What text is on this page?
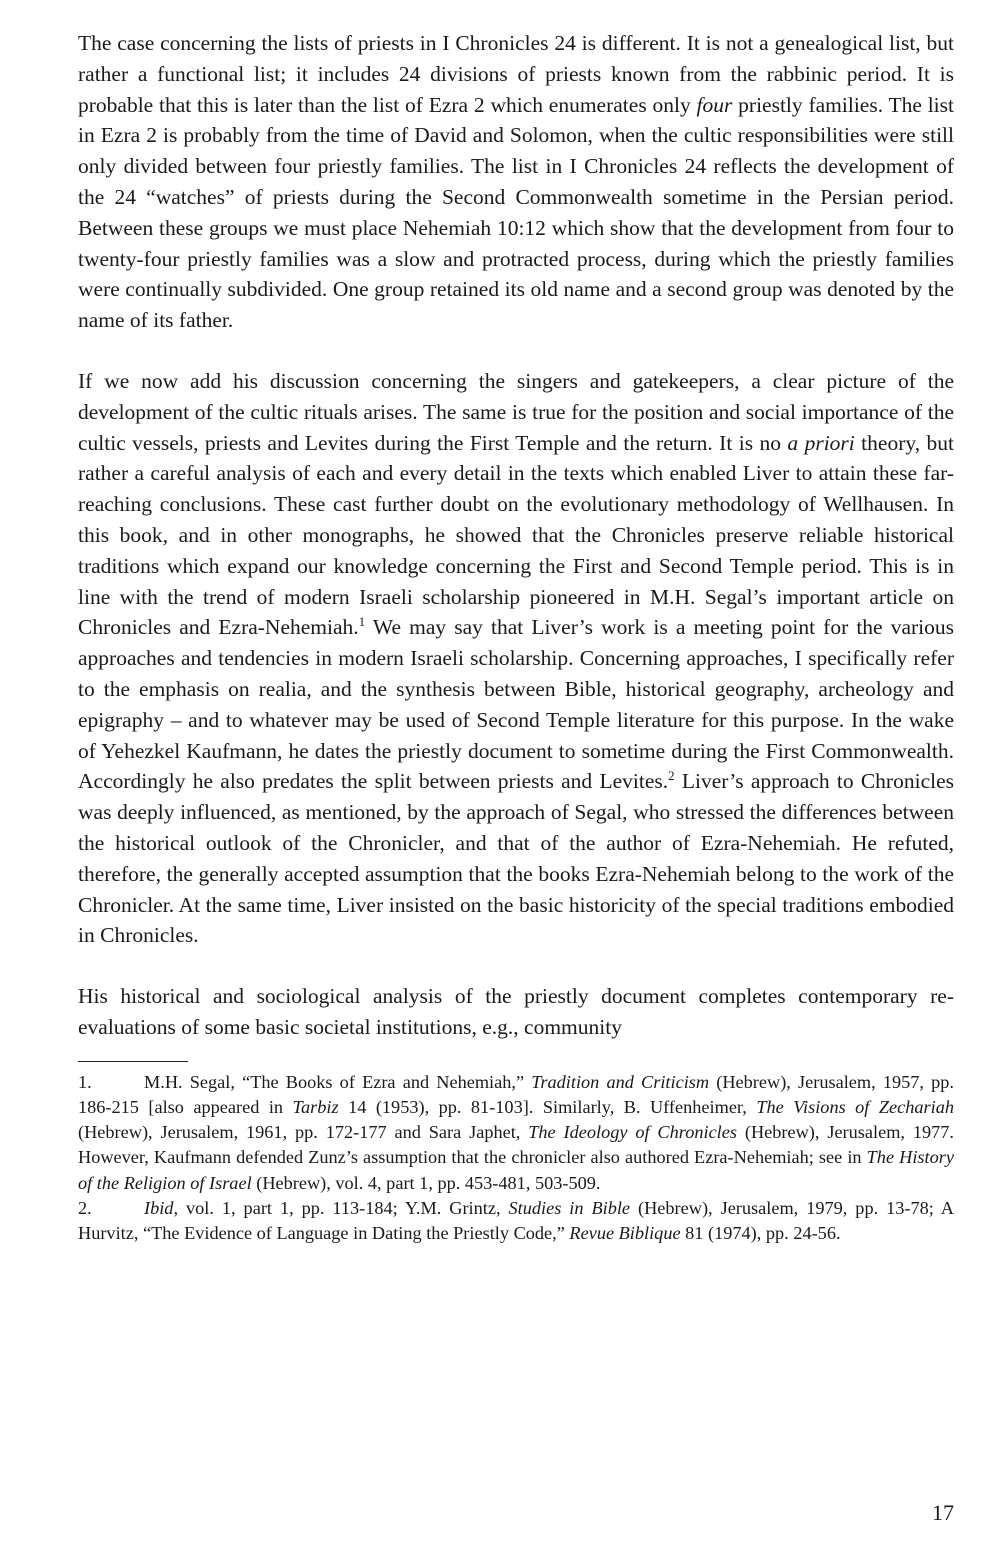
The case concerning the lists of priests in I Chronicles 24 is different. It is not a genealogical list, but rather a functional list; it includes 24 divisions of priests known from the rabbinic period. It is probable that this is later than the list of Ezra 2 which enumerates only four priestly families. The list in Ezra 2 is probably from the time of David and Solomon, when the cultic responsibilities were still only divided between four priestly families. The list in I Chronicles 24 reflects the development of the 24 “watches” of priests during the Second Commonwealth sometime in the Persian period. Between these groups we must place Nehemiah 10:12 which show that the development from four to twenty-four priestly families was a slow and protracted process, during which the priestly families were continually subdivided. One group retained its old name and a second group was denoted by the name of its father.

If we now add his discussion concerning the singers and gatekeepers, a clear picture of the development of the cultic rituals arises. The same is true for the position and social importance of the cultic vessels, priests and Levites during the First Temple and the return. It is no a priori theory, but rather a careful analysis of each and every detail in the texts which enabled Liver to attain these far-reaching conclusions. These cast further doubt on the evolutionary methodology of Wellhausen. In this book, and in other monographs, he showed that the Chronicles preserve reliable historical traditions which expand our knowledge concerning the First and Second Temple period. This is in line with the trend of modern Israeli scholarship pioneered in M.H. Segal’s important article on Chronicles and Ezra-Nehemiah.$^1$ We may say that Liver’s work is a meeting point for the various approaches and tendencies in modern Israeli scholarship. Concerning approaches, I specifically refer to the emphasis on realia, and the synthesis between Bible, historical geography, archeology and epigraphy – and to whatever may be used of Second Temple literature for this purpose. In the wake of Yehezkel Kaufmann, he dates the priestly document to sometime during the First Commonwealth. Accordingly he also predates the split between priests and Levites.$^2$ Liver’s approach to Chronicles was deeply influenced, as mentioned, by the approach of Segal, who stressed the differences between the historical outlook of the Chronicler, and that of the author of Ezra-Nehemiah. He refuted, therefore, the generally accepted assumption that the books Ezra-Nehemiah belong to the work of the Chronicler. At the same time, Liver insisted on the basic historicity of the special traditions embodied in Chronicles.

His historical and sociological analysis of the priestly document completes contemporary re-evaluations of some basic societal institutions, e.g., community

1.	M.H. Segal, “The Books of Ezra and Nehemiah,” Tradition and Criticism (Hebrew), Jerusalem, 1957, pp. 186-215 [also appeared in Tarbiz 14 (1953), pp. 81-103]. Similarly, B. Uffenheimer, The Visions of Zechariah (Hebrew), Jerusalem, 1961, pp. 172-177 and Sara Japhet, The Ideology of Chronicles (Hebrew), Jerusalem, 1977. However, Kaufmann defended Zunz’s assumption that the chronicler also authored Ezra-Nehemiah; see in The History of the Religion of Israel (Hebrew), vol. 4, part 1, pp. 453-481, 503-509.

2.	Ibid, vol. 1, part 1, pp. 113-184; Y.M. Grintz, Studies in Bible (Hebrew), Jerusalem, 1979, pp. 13-78; A Hurvitz, “The Evidence of Language in Dating the Priestly Code,” Revue Biblique 81 (1974), pp. 24-56.

17
